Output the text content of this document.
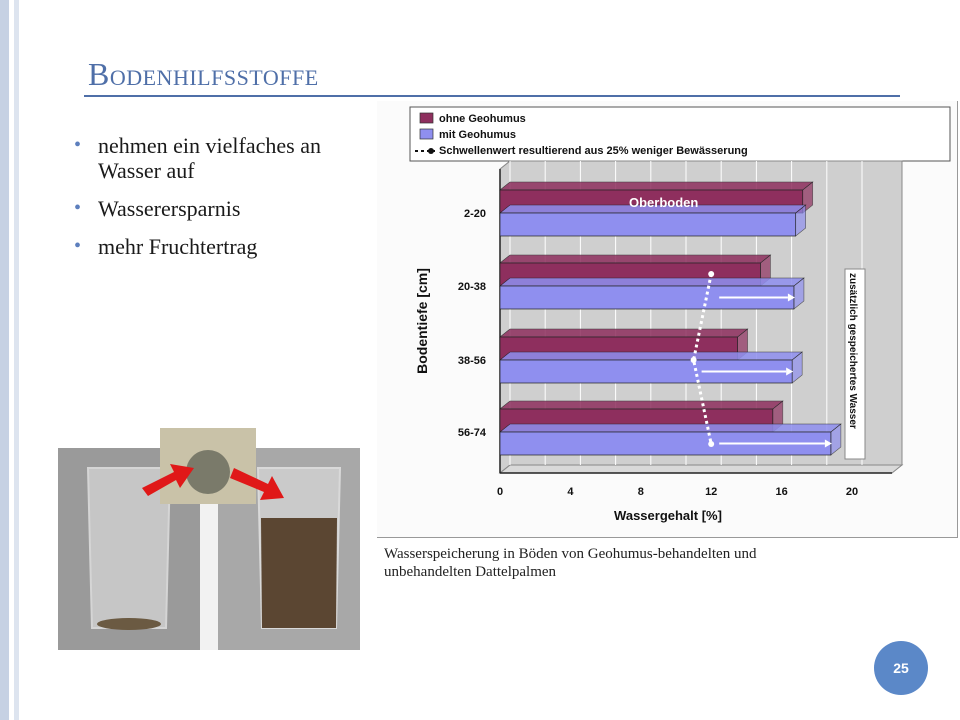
Bodenhilfsstoffe
• nehmen ein vielfaches an Wasser auf
• Wasserersparnis
• mehr Fruchtertrag
ohne Geohumus
mit Geohumus
Schwellenwert resultierend aus 25% weniger Bewässerung
zusätzlich gespeichertes Wasser
2-20
20-38
38-56
56-74
Oberboden
0	4	8	12	16	20
Wassergehalt [%]
Bodentiefe [cm]
Wasserspeicherung in Böden von Geohumus-behandelten und unbehandelten Dattelpalmen
25
